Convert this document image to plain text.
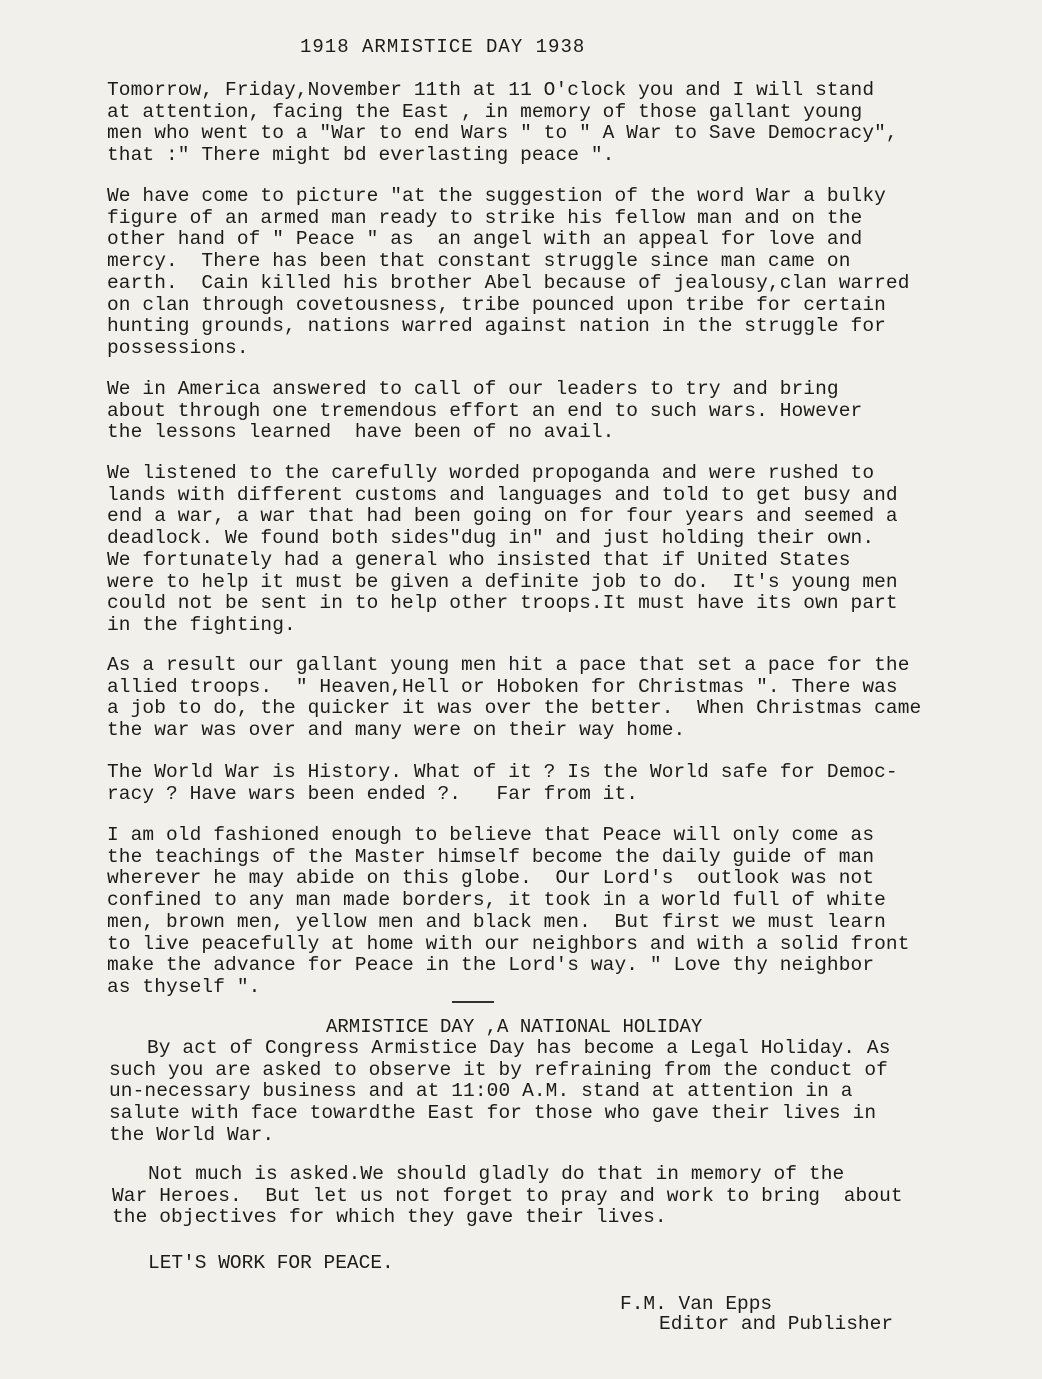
1918 ARMISTICE DAY 1938
Tomorrow, Friday,November 11th at 11 O'clock you and I will stand
at attention, facing the East , in memory of those gallant young
men who went to a "War to end Wars " to " A War to Save Democracy",
that :" There might bd everlasting peace ".
We have come to picture "at the suggestion of the word War a bulky
figure of an armed man ready to strike his fellow man and on the
other hand of " Peace " as  an angel with an appeal for love and
mercy.  There has been that constant struggle since man came on
earth.  Cain killed his brother Abel because of jealousy,clan warred
on clan through covetousness, tribe pounced upon tribe for certain
hunting grounds, nations warred against nation in the struggle for
possessions.
We in America answered to call of our leaders to try and bring
about through one tremendous effort an end to such wars. However
the lessons learned  have been of no avail.
We listened to the carefully worded propoganda and were rushed to
lands with different customs and languages and told to get busy and
end a war, a war that had been going on for four years and seemed a
deadlock. We found both sides"dug in" and just holding their own.
We fortunately had a general who insisted that if United States
were to help it must be given a definite job to do.  It's young men
could not be sent in to help other troops.It must have its own part
in the fighting.
As a result our gallant young men hit a pace that set a pace for the
allied troops.  " Heaven,Hell or Hoboken for Christmas ". There was
a job to do, the quicker it was over the better.  When Christmas came
the war was over and many were on their way home.
The World War is History. What of it ? Is the World safe for Democ-
racy ? Have wars been ended ?.   Far from it.
I am old fashioned enough to believe that Peace will only come as
the teachings of the Master himself become the daily guide of man
wherever he may abide on this globe.  Our Lord's  outlook was not
confined to any man made borders, it took in a world full of white
men, brown men, yellow men and black men.  But first we must learn
to live peacefully at home with our neighbors and with a solid front
make the advance for Peace in the Lord's way. " Love thy neighbor
as thyself ".
ARMISTICE DAY ,A NATIONAL HOLIDAY
By act of Congress Armistice Day has become a Legal Holiday. As
such you are asked to observe it by refraining from the conduct of
un-necessary business and at 11:00 A.M. stand at attention in a
salute with face towardthe East for those who gave their lives in
the World War.
Not much is asked.We should gladly do that in memory of the
War Heroes.  But let us not forget to pray and work to bring  about
the objectives for which they gave their lives.
LET'S WORK FOR PEACE.
F.M. Van Epps
Editor and Publisher
